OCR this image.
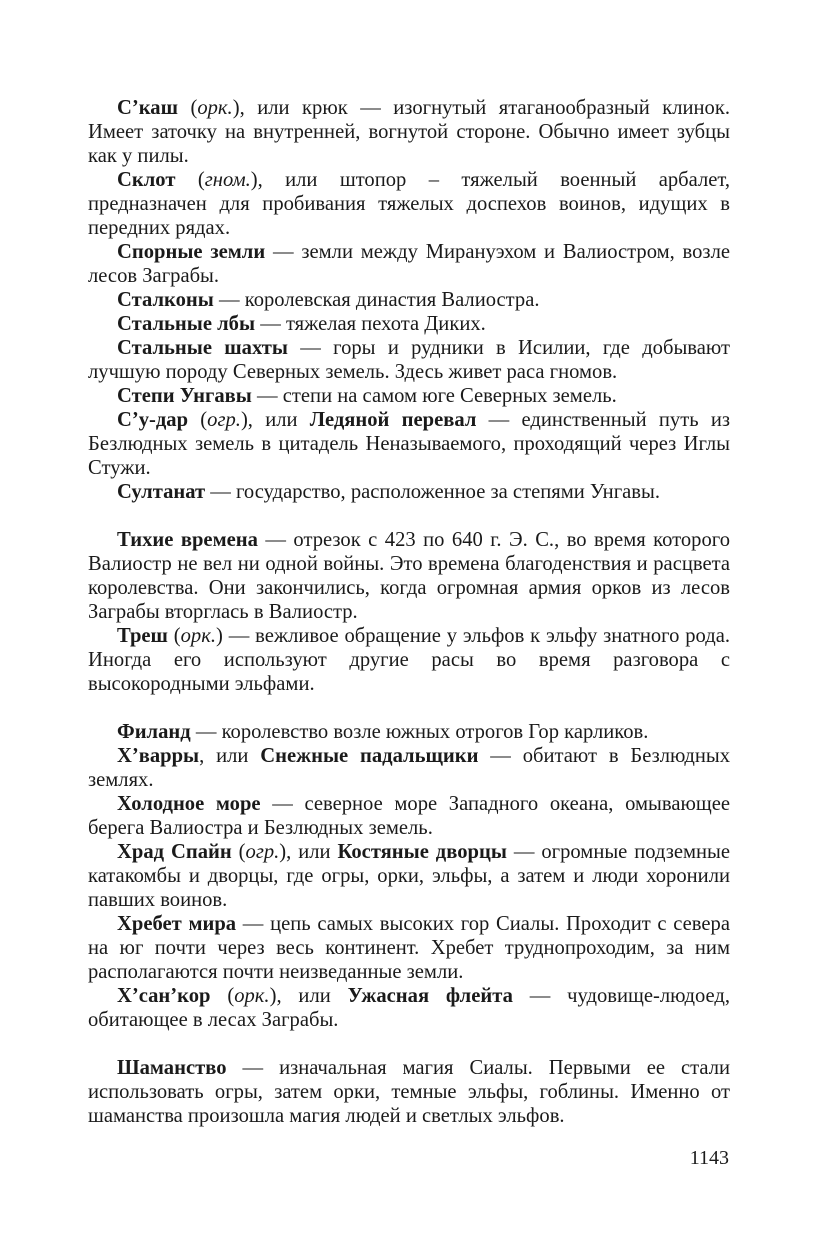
С’каш (орк.), или крюк — изогнутый ятаганообразный клинок. Имеет заточку на внутренней, вогнутой стороне. Обычно имеет зубцы как у пилы.

Склот (гном.), или штопор – тяжелый военный арбалет, предназначен для пробивания тяжелых доспехов воинов, идущих в передних рядах.

Спорные земли — земли между Мирануэхом и Валиостром, возле лесов Заграбы.

Сталконы — королевская династия Валиостра.

Стальные лбы — тяжелая пехота Диких.

Стальные шахты — горы и рудники в Исилии, где добывают лучшую породу Северных земель. Здесь живет раса гномов.

Степи Унгавы — степи на самом юге Северных земель.

С’у-дар (огр.), или Ледяной перевал — единственный путь из Безлюдных земель в цитадель Неназываемого, проходящий через Иглы Стужи.

Султанат — государство, расположенное за степями Унгавы.

Тихие времена — отрезок с 423 по 640 г. Э. С., во время которого Валиостр не вел ни одной войны. Это времена благоденствия и расцвета королевства. Они закончились, когда огромная армия орков из лесов Заграбы вторглась в Валиостр.

Треш (орк.) — вежливое обращение у эльфов к эльфу знатного рода. Иногда его используют другие расы во время разговора с высокородными эльфами.

Филанд — королевство возле южных отрогов Гор карликов.

Х’варры, или Снежные падальщики — обитают в Безлюдных землях.

Холодное море — северное море Западного океана, омывающее берега Валиостра и Безлюдных земель.

Храд Спайн (огр.), или Костяные дворцы — огромные подземные катакомбы и дворцы, где огры, орки, эльфы, а затем и люди хоронили павших воинов.

Хребет мира — цепь самых высоких гор Сиалы. Проходит с севера на юг почти через весь континент. Хребет труднопроходим, за ним располагаются почти неизведанные земли.

Х’сан’кор (орк.), или Ужасная флейта — чудовище-людоед, обитающее в лесах Заграбы.

Шаманство — изначальная магия Сиалы. Первыми ее стали использовать огры, затем орки, темные эльфы, гоблины. Именно от шаманства произошла магия людей и светлых эльфов.

1143
